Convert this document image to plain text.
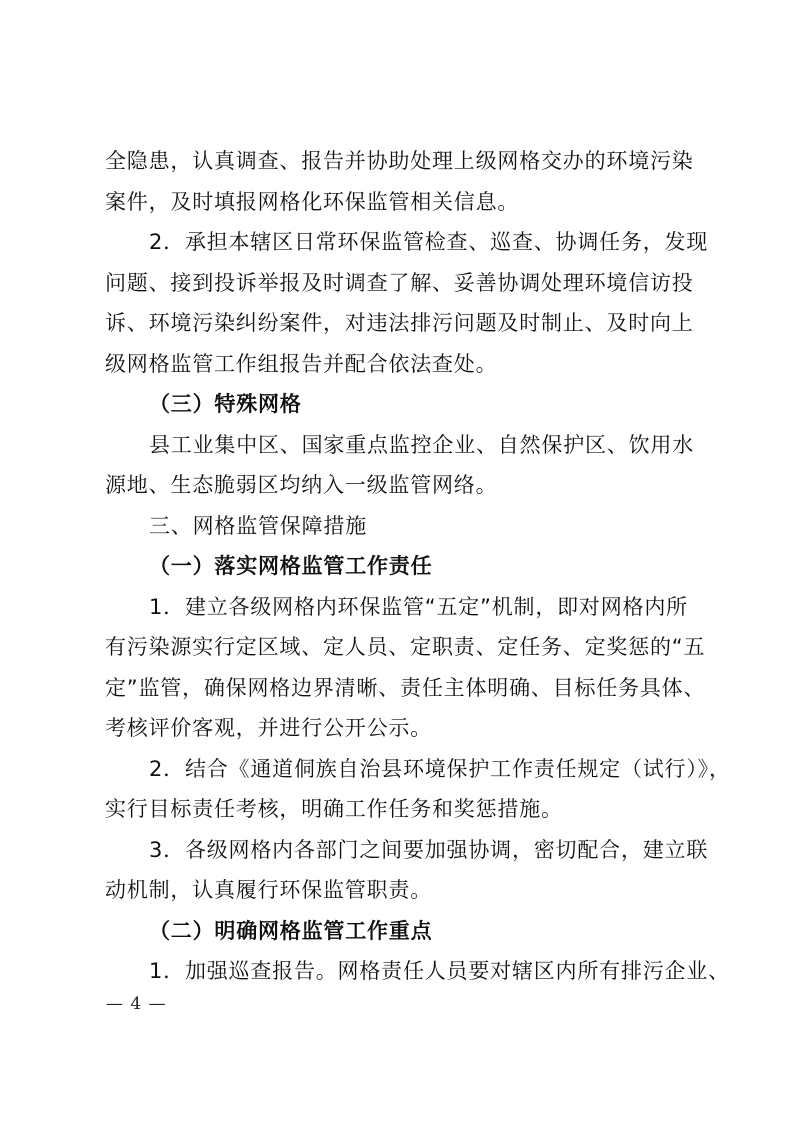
全隐患，认真调查、报告并协助处理上级网格交办的环境污染
案件，及时填报网格化环保监管相关信息。
2．承担本辖区日常环保监管检查、巡查、协调任务，发现
问题、接到投诉举报及时调查了解、妥善协调处理环境信访投
诉、环境污染纠纷案件，对违法排污问题及时制止、及时向上
级网格监管工作组报告并配合依法查处。
（三）特殊网格
县工业集中区、国家重点监控企业、自然保护区、饮用水
源地、生态脆弱区均纳入一级监管网络。
三、网格监管保障措施
（一）落实网格监管工作责任
1．建立各级网格内环保监管“五定”机制，即对网格内所
有污染源实行定区域、定人员、定职责、定任务、定奖惩的“五
定”监管，确保网格边界清晰、责任主体明确、目标任务具体、
考核评价客观，并进行公开公示。
2．结合《通道侗族自治县环境保护工作责任规定（试行）》，
实行目标责任考核，明确工作任务和奖惩措施。
3．各级网格内各部门之间要加强协调，密切配合，建立联
动机制，认真履行环保监管职责。
（二）明确网格监管工作重点
1．加强巡查报告。网格责任人员要对辖区内所有排污企业、
— 4 —
